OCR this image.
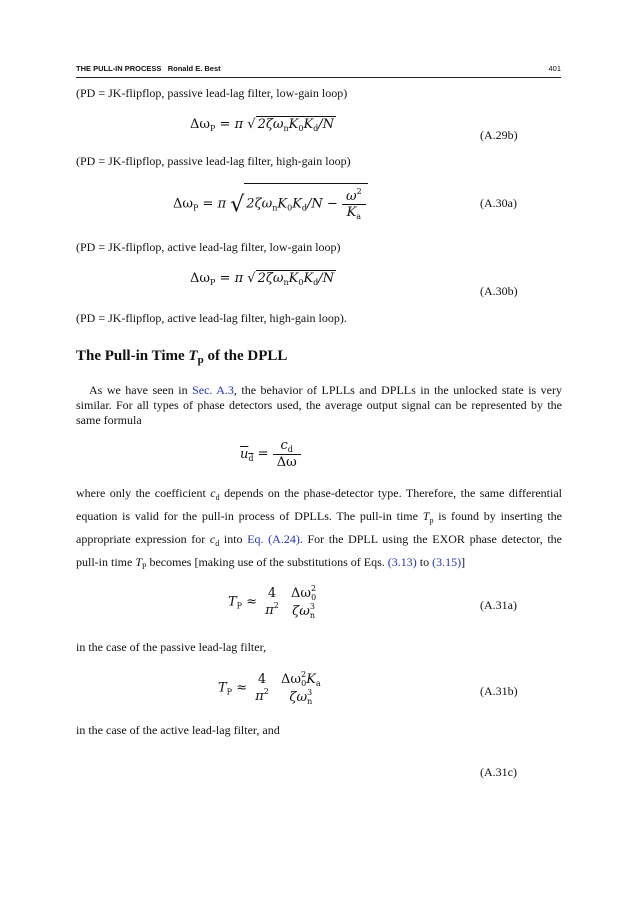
THE PULL-IN PROCESS Ronald E. Best	401
(PD = JK-flipflop, passive lead-lag filter, low-gain loop)
$\Delta\omega_P = \pi$ √ $2\zeta\omega_nK_0K_d/N$
(A.29b)
(PD = JK-flipflop, passive lead-lag filter, high-gain loop)
$\Delta\omega_P = \pi$ √ $2\zeta\omega_nK_0K_d/N - \frac{\omega^2}{K_a}$	(A.30a)
(PD = JK-flipflop, active lead-lag filter, low-gain loop)
$\Delta\omega_P = \pi$ √ $2\zeta\omega_nK_0K_d/N$
(A.30b)
(PD = JK-flipflop, active lead-lag filter, high-gain loop).
The Pull-in Time $T_p$ of the DPLL
As we have seen in Sec. A.3, the behavior of LPLLs and DPLLs in the unlocked state is very similar. For all types of phase detectors used, the average output signal can be represented by the same formula
$u_d = \frac{c_d}{\Delta\omega}$
where only the coefficient $c_d$ depends on the phase-detector type. Therefore, the same differential equation is valid for the pull-in process of DPLLs. The pull-in time $T_p$ is found by inserting the appropriate expression for $c_d$ into Eq. (A.24). For the DPLL using the EXOR phase detector, the pull-in time $T_P$ becomes [making use of the substitutions of Eqs. (3.13) to (3.15)]
$T_P$ ≈
4
$\pi^2$

$\Delta\omega^2_0$
$\zeta\omega^3_n$
(A.31a)
in the case of the passive lead-lag filter,
$T_P$ ≈
4
$\pi^2$

$\Delta\omega^2_0K_a$
$\zeta\omega^3_n$
(A.31b)
in the case of the active lead-lag filter, and
(A.31c)
